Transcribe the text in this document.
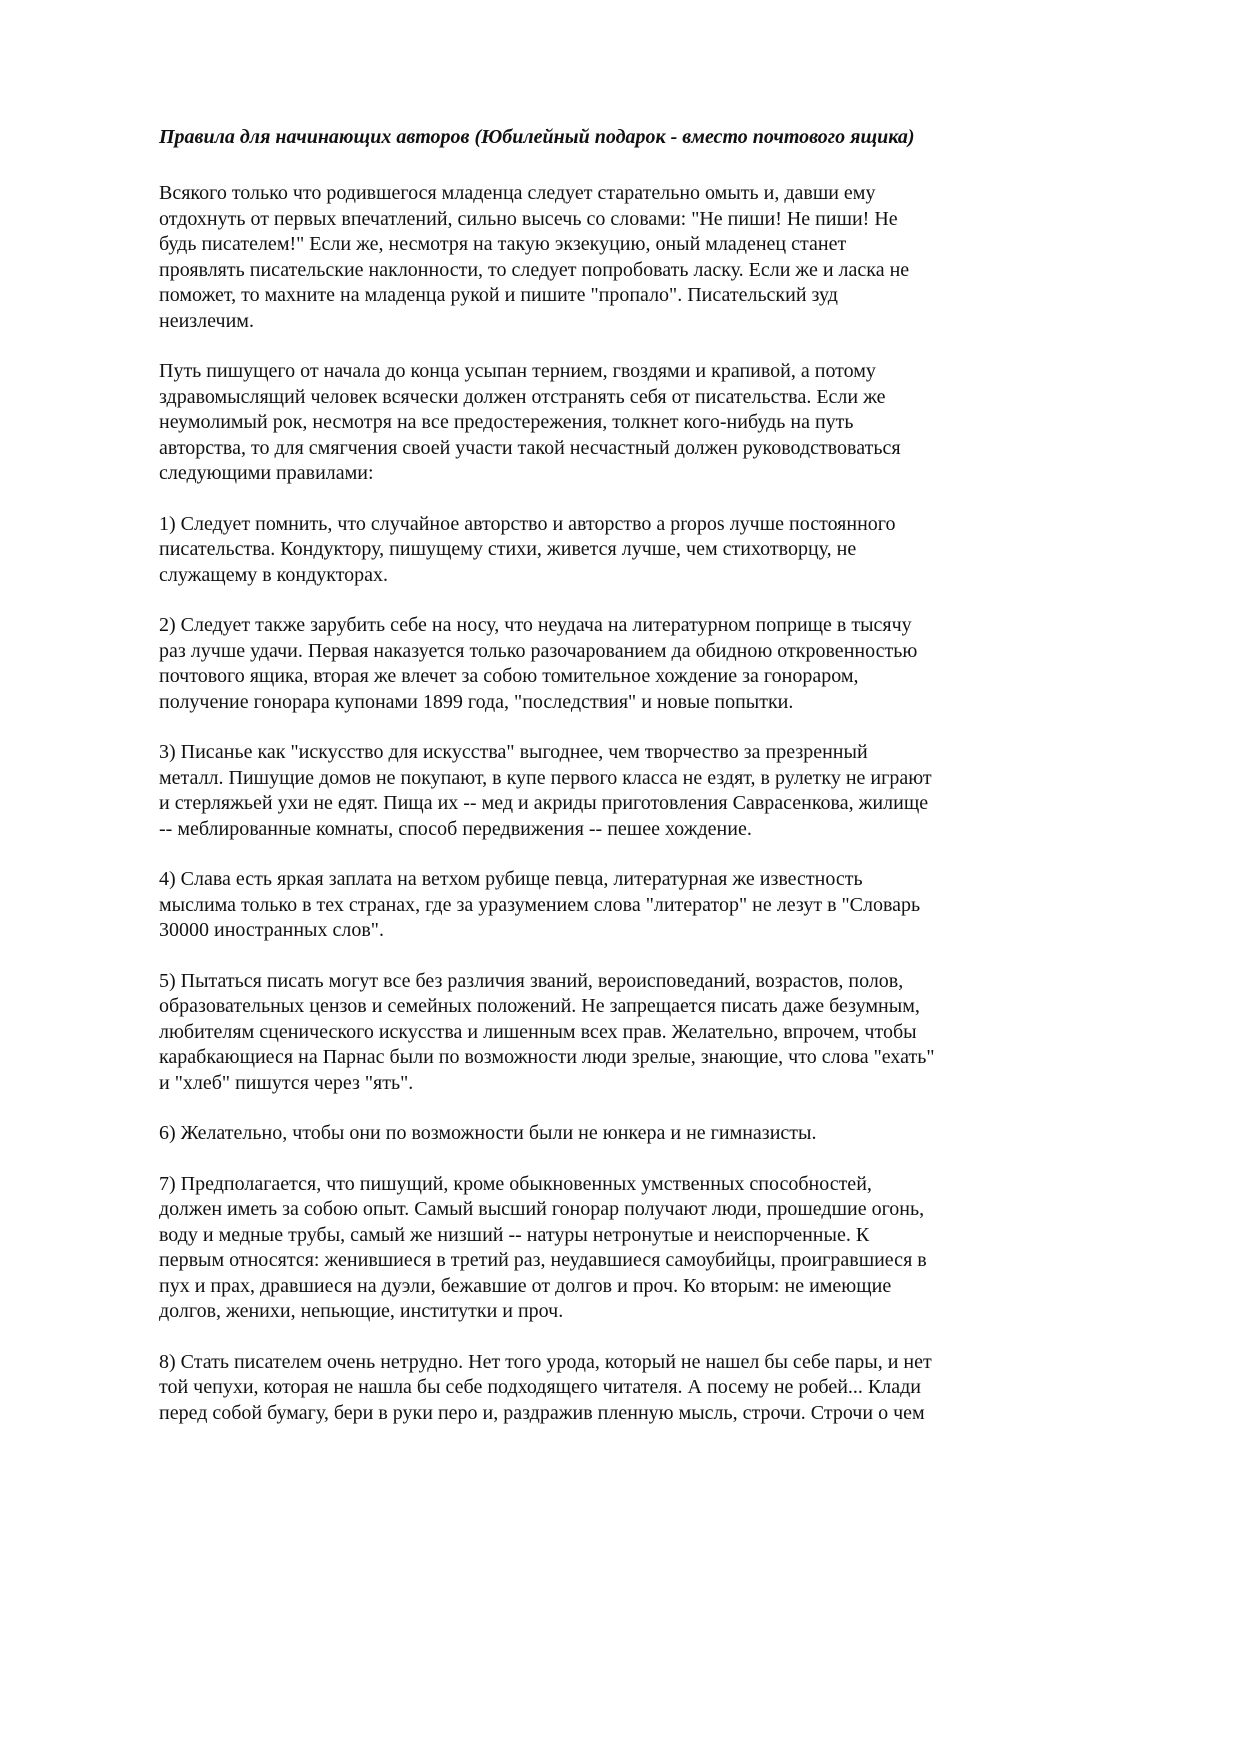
Правила для начинающих авторов (Юбилейный подарок - вместо почтового ящика)
Всякого только что родившегося младенца следует старательно омыть и, давши ему
отдохнуть от первых впечатлений, сильно высечь со словами: "Не пиши! Не пиши! Не
будь писателем!" Если же, несмотря на такую экзекуцию, оный младенец станет
проявлять писательские наклонности, то следует попробовать ласку. Если же и ласка не
поможет, то махните на младенца рукой и пишите "пропало". Писательский зуд
неизлечим.
Путь пишущего от начала до конца усыпан тернием, гвоздями и крапивой, а потому
здравомыслящий человек всячески должен отстранять себя от писательства. Если же
неумолимый рок, несмотря на все предостережения, толкнет кого-нибудь на путь
авторства, то для смягчения своей участи такой несчастный должен руководствоваться
следующими правилами:
1) Следует помнить, что случайное авторство и авторство a propos лучше постоянного
писательства. Кондуктору, пишущему стихи, живется лучше, чем стихотворцу, не
служащему в кондукторах.
2) Следует также зарубить себе на носу, что неудача на литературном поприще в тысячу
раз лучше удачи. Первая наказуется только разочарованием да обидною откровенностью
почтового ящика, вторая же влечет за собою томительное хождение за гонораром,
получение гонорара купонами 1899 года, "последствия" и новые попытки.
3) Писанье как "искусство для искусства" выгоднее, чем творчество за презренный
металл. Пишущие домов не покупают, в купе первого класса не ездят, в рулетку не играют
и стерляжьей ухи не едят. Пища их -- мед и акриды приготовления Саврасенкова, жилище
-- меблированные комнаты, способ передвижения -- пешее хождение.
4) Слава есть яркая заплата на ветхом рубище певца, литературная же известность
мыслима только в тех странах, где за уразумением слова "литератор" не лезут в "Словарь
30000 иностранных слов".
5) Пытаться писать могут все без различия званий, вероисповеданий, возрастов, полов,
образовательных цензов и семейных положений. Не запрещается писать даже безумным,
любителям сценического искусства и лишенным всех прав. Желательно, впрочем, чтобы
карабкающиеся на Парнас были по возможности люди зрелые, знающие, что слова "ехать"
и "хлеб" пишутся через "ять".
6) Желательно, чтобы они по возможности были не юнкера и не гимназисты.
7) Предполагается, что пишущий, кроме обыкновенных умственных способностей,
должен иметь за собою опыт. Самый высший гонорар получают люди, прошедшие огонь,
воду и медные трубы, самый же низший -- натуры нетронутые и неиспорченные. К
первым относятся: женившиеся в третий раз, неудавшиеся самоубийцы, проигравшиеся в
пух и прах, дравшиеся на дуэли, бежавшие от долгов и проч. Ко вторым: не имеющие
долгов, женихи, непьющие, институтки и проч.
8) Стать писателем очень нетрудно. Нет того урода, который не нашел бы себе пары, и нет
той чепухи, которая не нашла бы себе подходящего читателя. А посему не робей... Клади
перед собой бумагу, бери в руки перо и, раздражив пленную мысль, строчи. Строчи о чем
